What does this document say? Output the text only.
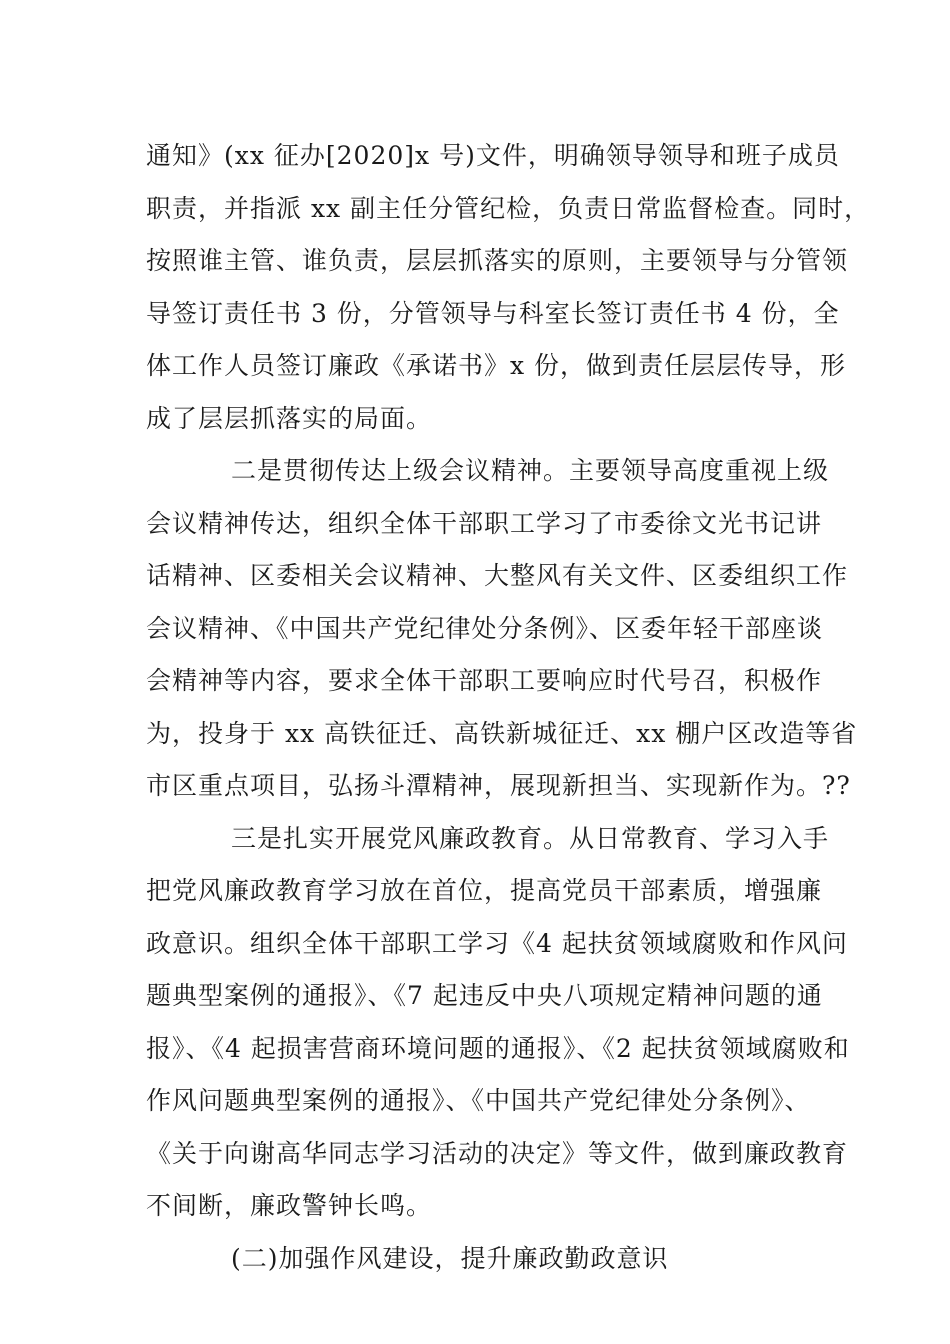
通知》(xx 征办[2020]x 号)文件，明确领导领导和班子成员
职责，并指派 xx 副主任分管纪检，负责日常监督检查。同时，
按照谁主管、谁负责，层层抓落实的原则，主要领导与分管领
导签订责任书 3 份，分管领导与科室长签订责任书 4 份，全
体工作人员签订廉政《承诺书》x 份，做到责任层层传导，形
成了层层抓落实的局面。
二是贯彻传达上级会议精神。主要领导高度重视上级
会议精神传达，组织全体干部职工学习了市委徐文光书记讲
话精神、区委相关会议精神、大整风有关文件、区委组织工作
会议精神、《中国共产党纪律处分条例》、区委年轻干部座谈
会精神等内容，要求全体干部职工要响应时代号召，积极作
为，投身于 xx 高铁征迁、高铁新城征迁、xx 棚户区改造等省
市区重点项目，弘扬斗潭精神，展现新担当、实现新作为。??
三是扎实开展党风廉政教育。从日常教育、学习入手
把党风廉政教育学习放在首位，提高党员干部素质，增强廉
政意识。组织全体干部职工学习《4 起扶贫领域腐败和作风问
题典型案例的通报》、《7 起违反中央八项规定精神问题的通
报》、《4 起损害营商环境问题的通报》、《2 起扶贫领域腐败和
作风问题典型案例的通报》、《中国共产党纪律处分条例》、
《关于向谢高华同志学习活动的决定》等文件，做到廉政教育
不间断，廉政警钟长鸣。
(二)加强作风建设，提升廉政勤政意识
